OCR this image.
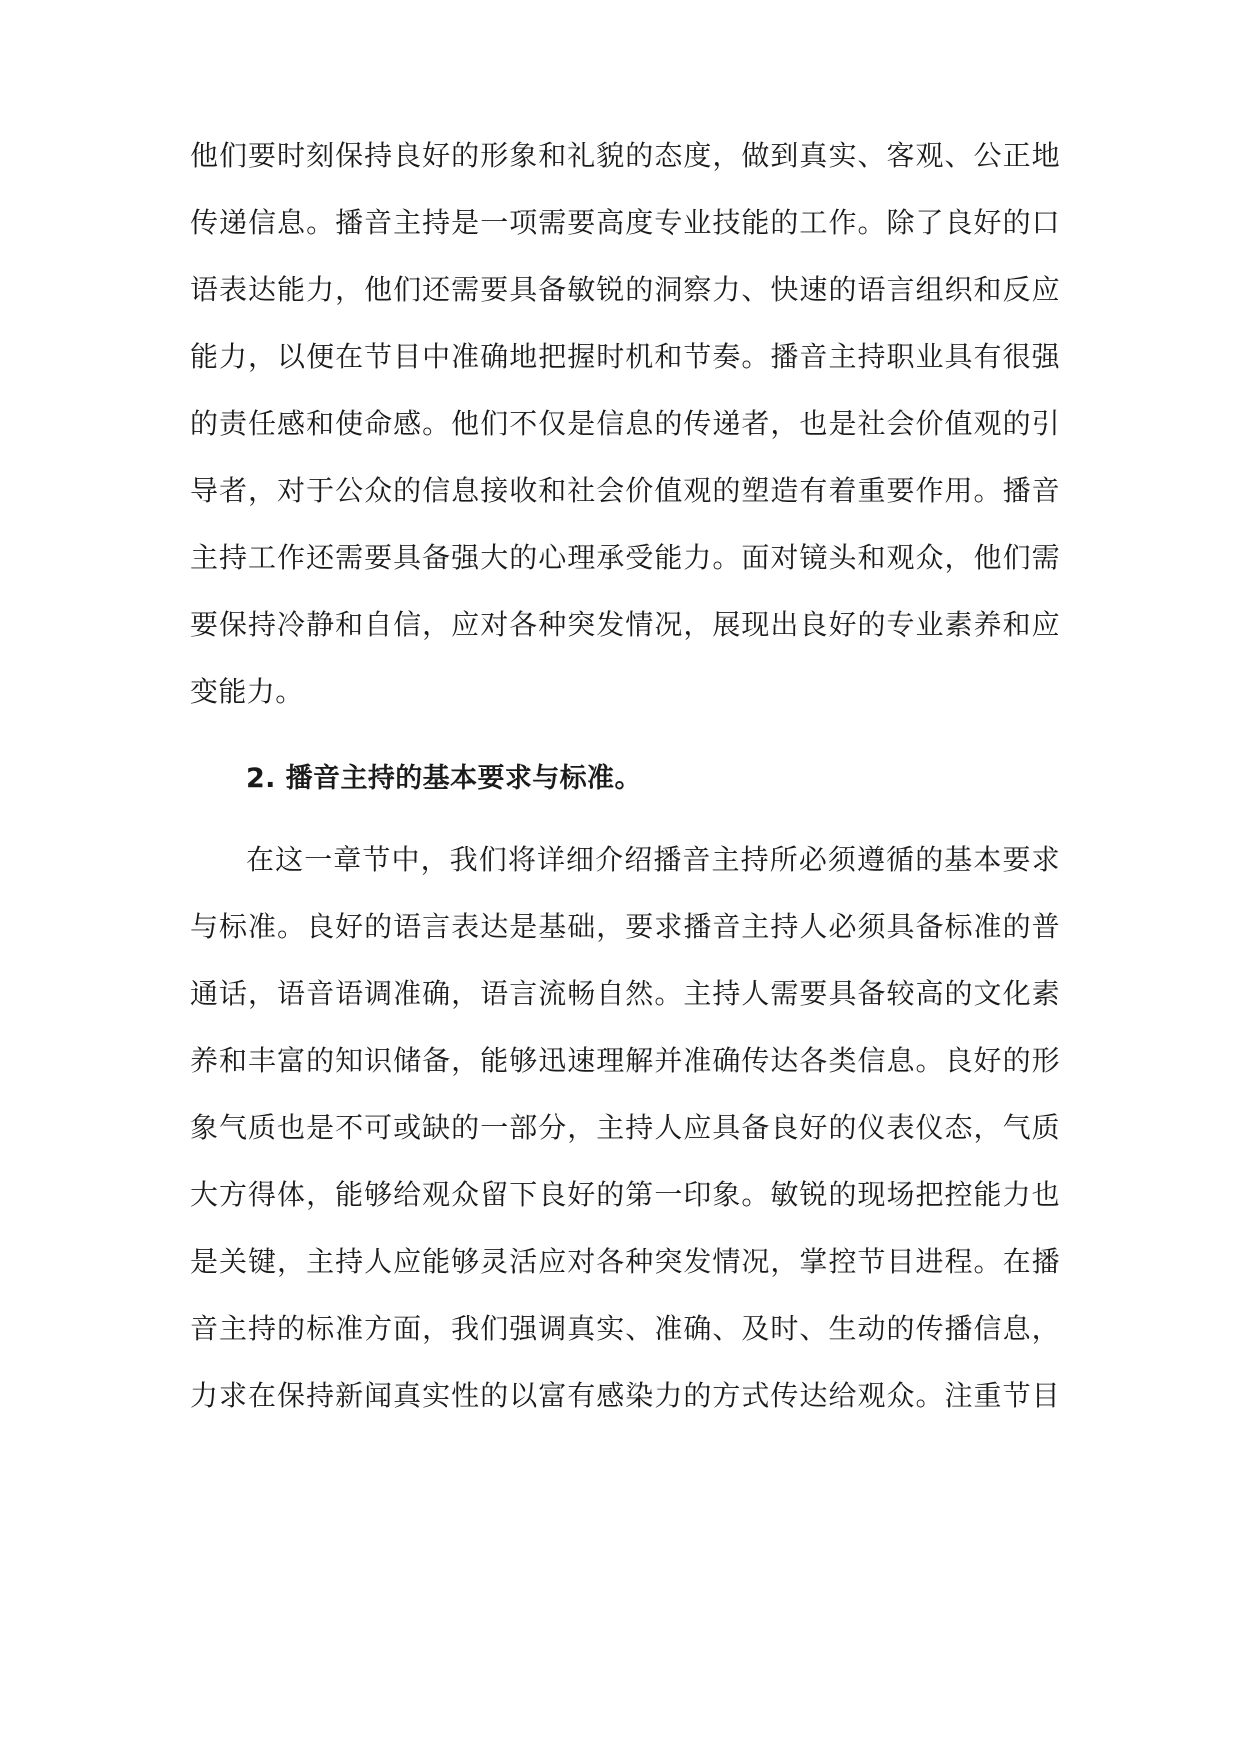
他们要时刻保持良好的形象和礼貌的态度，做到真实、客观、公正地
传递信息。播音主持是一项需要高度专业技能的工作。除了良好的口
语表达能力，他们还需要具备敏锐的洞察力、快速的语言组织和反应
能力，以便在节目中准确地把握时机和节奏。播音主持职业具有很强
的责任感和使命感。他们不仅是信息的传递者，也是社会价值观的引
导者，对于公众的信息接收和社会价值观的塑造有着重要作用。播音
主持工作还需要具备强大的心理承受能力。面对镜头和观众，他们需
要保持冷静和自信，应对各种突发情况，展现出良好的专业素养和应
变能力。
2. 播音主持的基本要求与标准。
在这一章节中，我们将详细介绍播音主持所必须遵循的基本要求
与标准。良好的语言表达是基础，要求播音主持人必须具备标准的普
通话，语音语调准确，语言流畅自然。主持人需要具备较高的文化素
养和丰富的知识储备，能够迅速理解并准确传达各类信息。良好的形
象气质也是不可或缺的一部分，主持人应具备良好的仪表仪态，气质
大方得体，能够给观众留下良好的第一印象。敏锐的现场把控能力也
是关键，主持人应能够灵活应对各种突发情况，掌控节目进程。在播
音主持的标准方面，我们强调真实、准确、及时、生动的传播信息，
力求在保持新闻真实性的以富有感染力的方式传达给观众。注重节目
